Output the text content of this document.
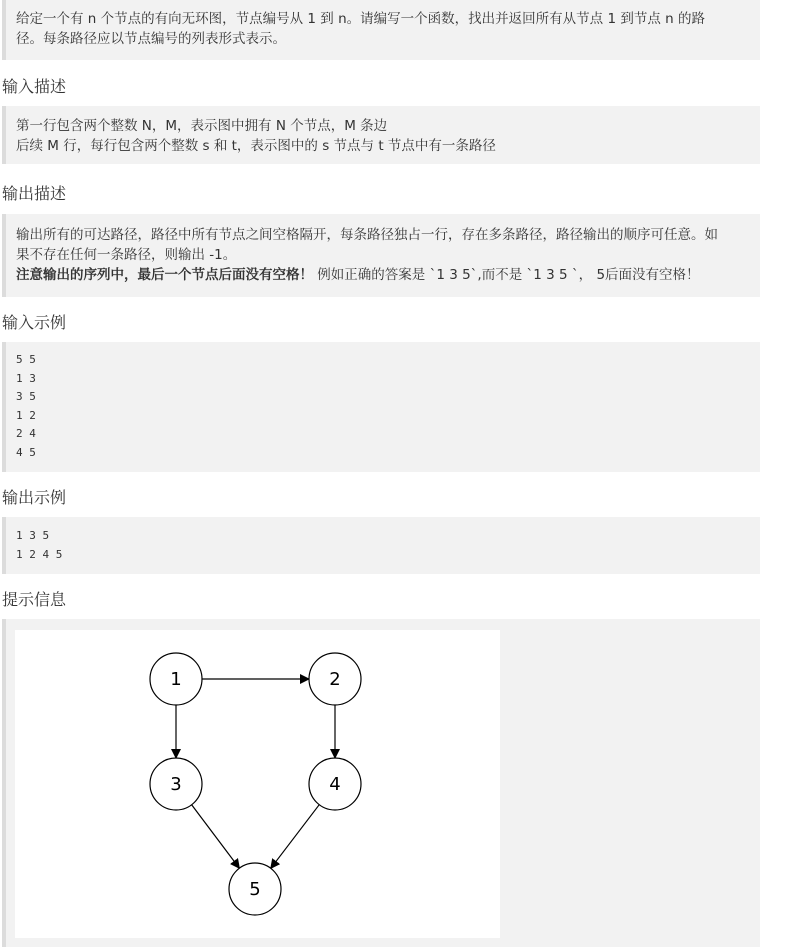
给定一个有 n 个节点的有向无环图，节点编号从 1 到 n。请编写一个函数，找出并返回所有从节点 1 到节点 n 的路
径。每条路径应以节点编号的列表形式表示。
输入描述
第一行包含两个整数 N，M，表示图中拥有 N 个节点，M 条边
后续 M 行，每行包含两个整数 s 和 t，表示图中的 s 节点与 t 节点中有一条路径
输出描述
输出所有的可达路径，路径中所有节点之间空格隔开，每条路径独占一行，存在多条路径，路径输出的顺序可任意。如
果不存在任何一条路径，则输出 -1。
注意输出的序列中，最后一个节点后面没有空格！ 例如正确的答案是 `1 3 5`,而不是 `1 3 5 `， 5后面没有空格！
输入示例
5 5
1 3
3 5
1 2
2 4
4 5
输出示例
1 3 5
1 2 4 5
提示信息
1	2
3	4
5
